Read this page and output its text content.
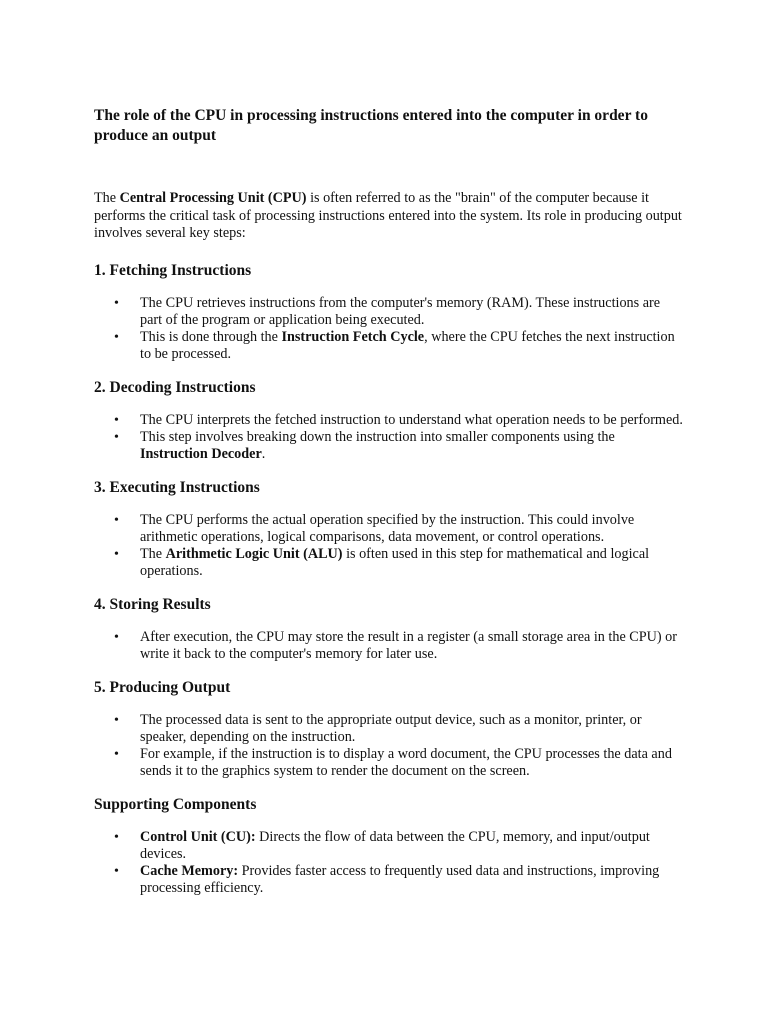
The role of the CPU in processing instructions entered into the computer in order to produce an output

The Central Processing Unit (CPU) is often referred to as the "brain" of the computer because it performs the critical task of processing instructions entered into the system. Its role in producing output involves several key steps:

1. Fetching Instructions
• The CPU retrieves instructions from the computer's memory (RAM). These instructions are part of the program or application being executed.
• This is done through the Instruction Fetch Cycle, where the CPU fetches the next instruction to be processed.
2. Decoding Instructions
• The CPU interprets the fetched instruction to understand what operation needs to be performed.
• This step involves breaking down the instruction into smaller components using the Instruction Decoder.
3. Executing Instructions
• The CPU performs the actual operation specified by the instruction. This could involve arithmetic operations, logical comparisons, data movement, or control operations.
• The Arithmetic Logic Unit (ALU) is often used in this step for mathematical and logical operations.
4. Storing Results
• After execution, the CPU may store the result in a register (a small storage area in the CPU) or write it back to the computer's memory for later use.
5. Producing Output
• The processed data is sent to the appropriate output device, such as a monitor, printer, or speaker, depending on the instruction.
• For example, if the instruction is to display a word document, the CPU processes the data and sends it to the graphics system to render the document on the screen.
Supporting Components
• Control Unit (CU): Directs the flow of data between the CPU, memory, and input/output devices.
• Cache Memory: Provides faster access to frequently used data and instructions, improving processing efficiency.
